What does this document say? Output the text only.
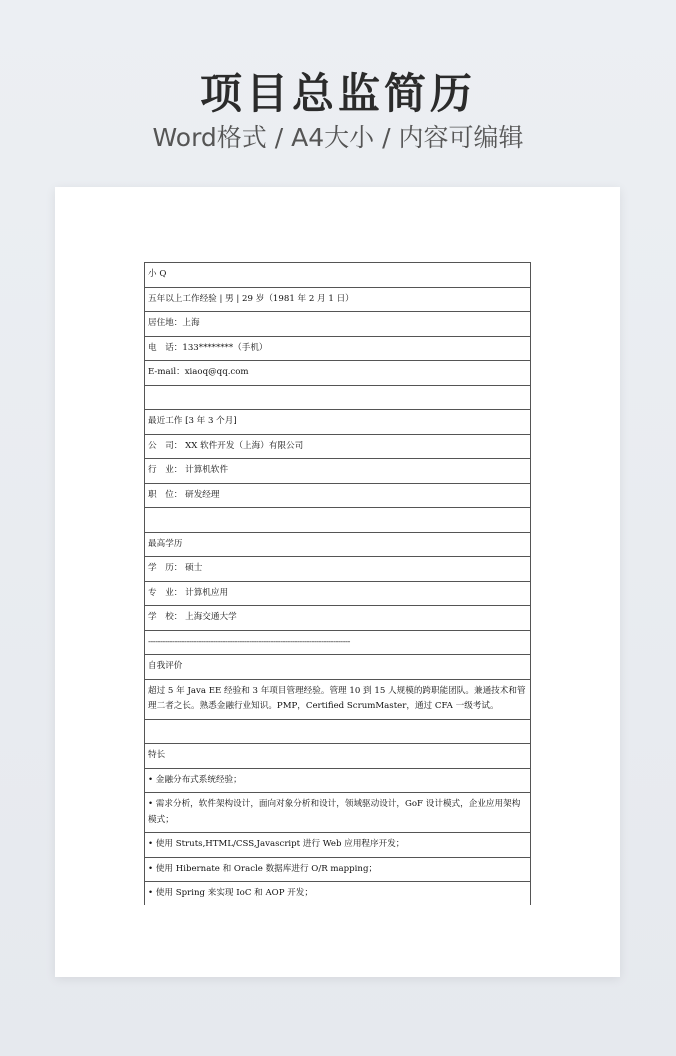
项目总监简历
Word格式 / A4大小 / 内容可编辑
小 Q
五年以上工作经验 | 男 | 29 岁（1981 年 2 月 1 日）
居住地：上海
电　话：133********（手机）
E-mail：xiaoq@qq.com
最近工作 [3 年 3 个月]
公　司： XX 软件开发（上海）有限公司
行　业： 计算机软件
职　位： 研发经理
最高学历
学　历： 硕士
专　业： 计算机应用
学　校： 上海交通大学
------------------------------------------------------------------------------------
自我评价
超过 5 年 Java EE 经验和 3 年项目管理经验。管理 10 到 15 人规模的跨职能团队。兼通技术和管理二者之长。熟悉金融行业知识。PMP，Certified ScrumMaster，通过 CFA 一级考试。
特长
• 金融分布式系统经验；
• 需求分析，软件架构设计，面向对象分析和设计，领域驱动设计，GoF 设计模式，企业应用架构模式；
• 使用 Struts,HTML/CSS,Javascript 进行 Web 应用程序开发；
• 使用 Hibernate 和 Oracle 数据库进行 O/R mapping；
• 使用 Spring 来实现 IoC 和 AOP 开发；
